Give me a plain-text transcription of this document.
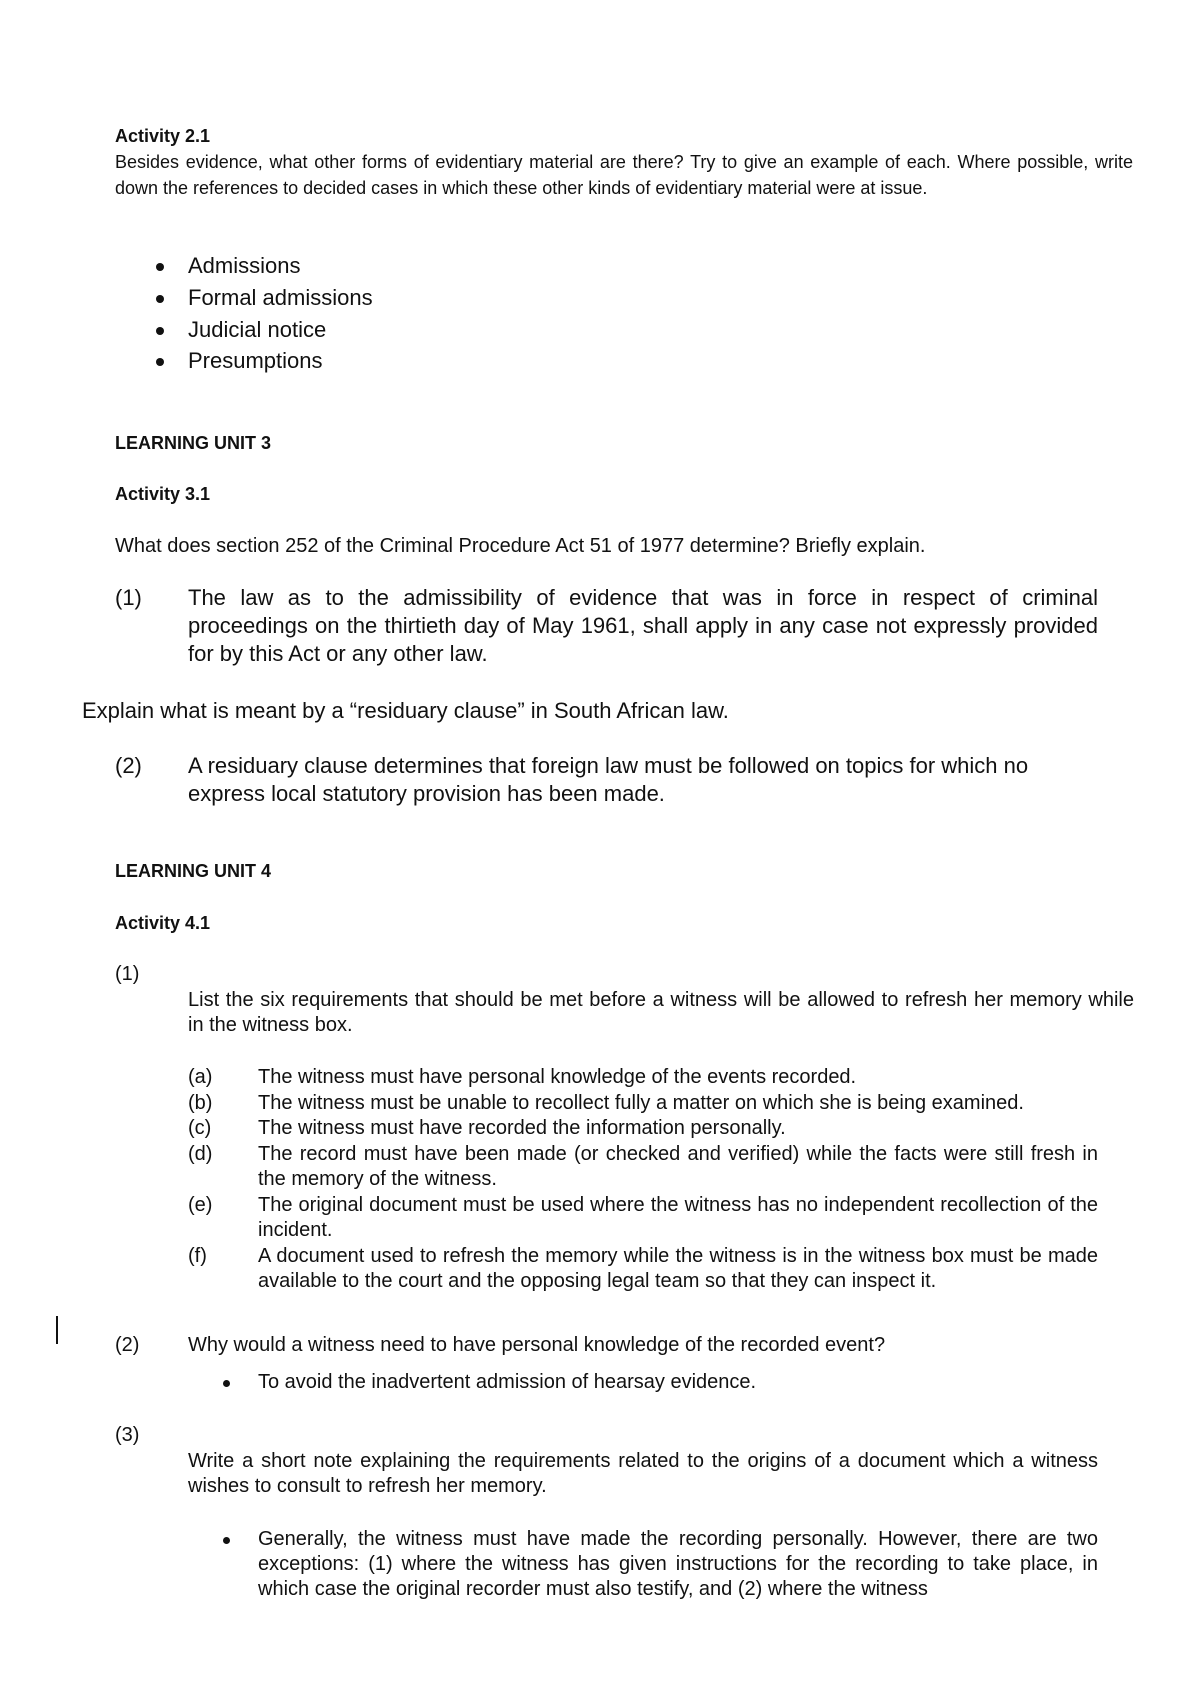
Activity 2.1
Besides evidence, what other forms of evidentiary material are there? Try to give an example of each. Where possible, write down the references to decided cases in which these other kinds of evidentiary material were at issue.
Admissions
Formal admissions
Judicial notice
Presumptions
LEARNING UNIT 3
Activity 3.1
What does section 252 of the Criminal Procedure Act 51 of 1977 determine? Briefly explain.
(1) The law as to the admissibility of evidence that was in force in respect of criminal proceedings on the thirtieth day of May 1961, shall apply in any case not expressly provided for by this Act or any other law.
Explain what is meant by a “residuary clause” in South African law.
(2) A residuary clause determines that foreign law must be followed on topics for which no express local statutory provision has been made.
LEARNING UNIT 4
Activity 4.1
(1)
List the six requirements that should be met before a witness will be allowed to refresh her memory while in the witness box.
(a) The witness must have personal knowledge of the events recorded.
(b) The witness must be unable to recollect fully a matter on which she is being examined.
(c) The witness must have recorded the information personally.
(d) The record must have been made (or checked and verified) while the facts were still fresh in the memory of the witness.
(e) The original document must be used where the witness has no independent recollection of the incident.
(f)	A document used to refresh the memory while the witness is in the witness box must be made available to the court and the opposing legal team so that they can inspect it.
(2) Why would a witness need to have personal knowledge of the recorded event?
To avoid the inadvertent admission of hearsay evidence.
(3)
Write a short note explaining the requirements related to the origins of a document which a witness wishes to consult to refresh her memory.
Generally, the witness must have made the recording personally. However, there are two exceptions: (1) where the witness has given instructions for the recording to take place, in which case the original recorder must also testify, and (2) where the witness
